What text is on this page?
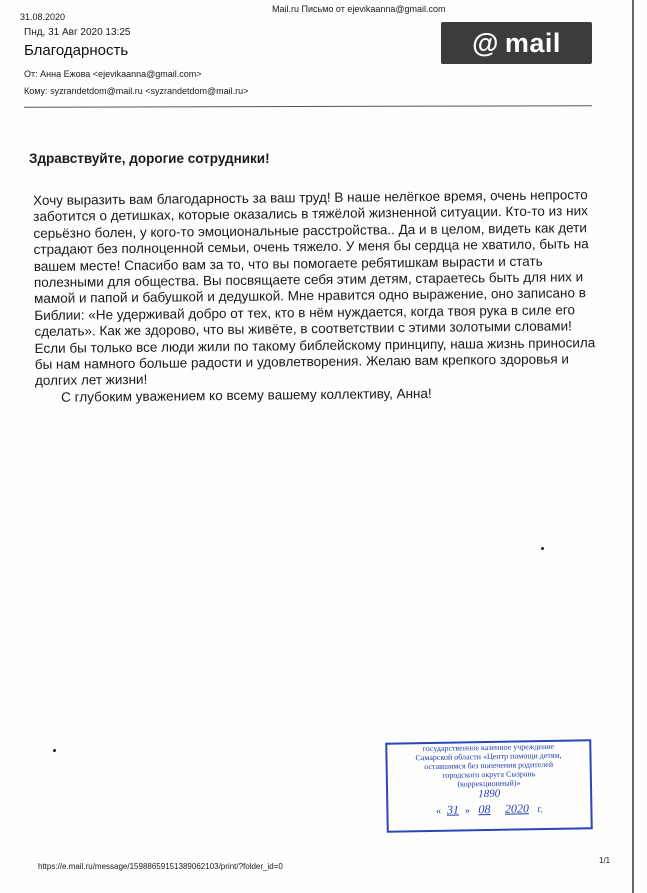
31.08.2020
Mail.ru Письмо от ejevikaanna@gmail.com
Пнд, 31 Авг 2020 13:25
Благодарность	@ mail
От: Анна Ежова <ejevikaanna@gmail.com>
Кому: syzrandetdom@mail.ru <syzrandetdom@mail.ru>
Здравствуйте, дорогие сотрудники!
Хочу выразить вам благодарность за ваш труд! В наше нелёгкое время, очень непросто
заботится о детишках, которые оказались в тяжёлой жизненной ситуации. Кто-то из них
серьёзно болен, у кого-то эмоциональные расстройства.. Да и в целом, видеть как дети
страдают без полноценной семьи, очень тяжело. У меня бы сердца не хватило, быть на
вашем месте! Спасибо вам за то, что вы помогаете ребятишкам вырасти и стать
полезными для общества. Вы посвящаете себя этим детям, стараетесь быть для них и
мамой и папой и бабушкой и дедушкой. Мне нравится одно выражение, оно записано в
Библии: «Не удерживай добро от тех, кто в нём нуждается, когда твоя рука в силе его
сделать». Как же здорово, что вы живёте, в соответствии с этими золотыми словами!
Если бы только все люди жили по такому библейскому принципу, наша жизнь приносила
бы нам намного больше радости и удовлетворения. Желаю вам крепкого здоровья и
долгих лет жизни!
С глубоким уважением ко всему вашему коллективу, Анна!
государственное казенное учреждение
Самарской области «Центр помощи детям,
оставшимся без попечения родителей
городского округа Сызрань
(коррекционный)»
1890
« 31 » 08 2020 г.
https://e.mail.ru/message/15988659151389062103/print/?folder_id=0
1/1
